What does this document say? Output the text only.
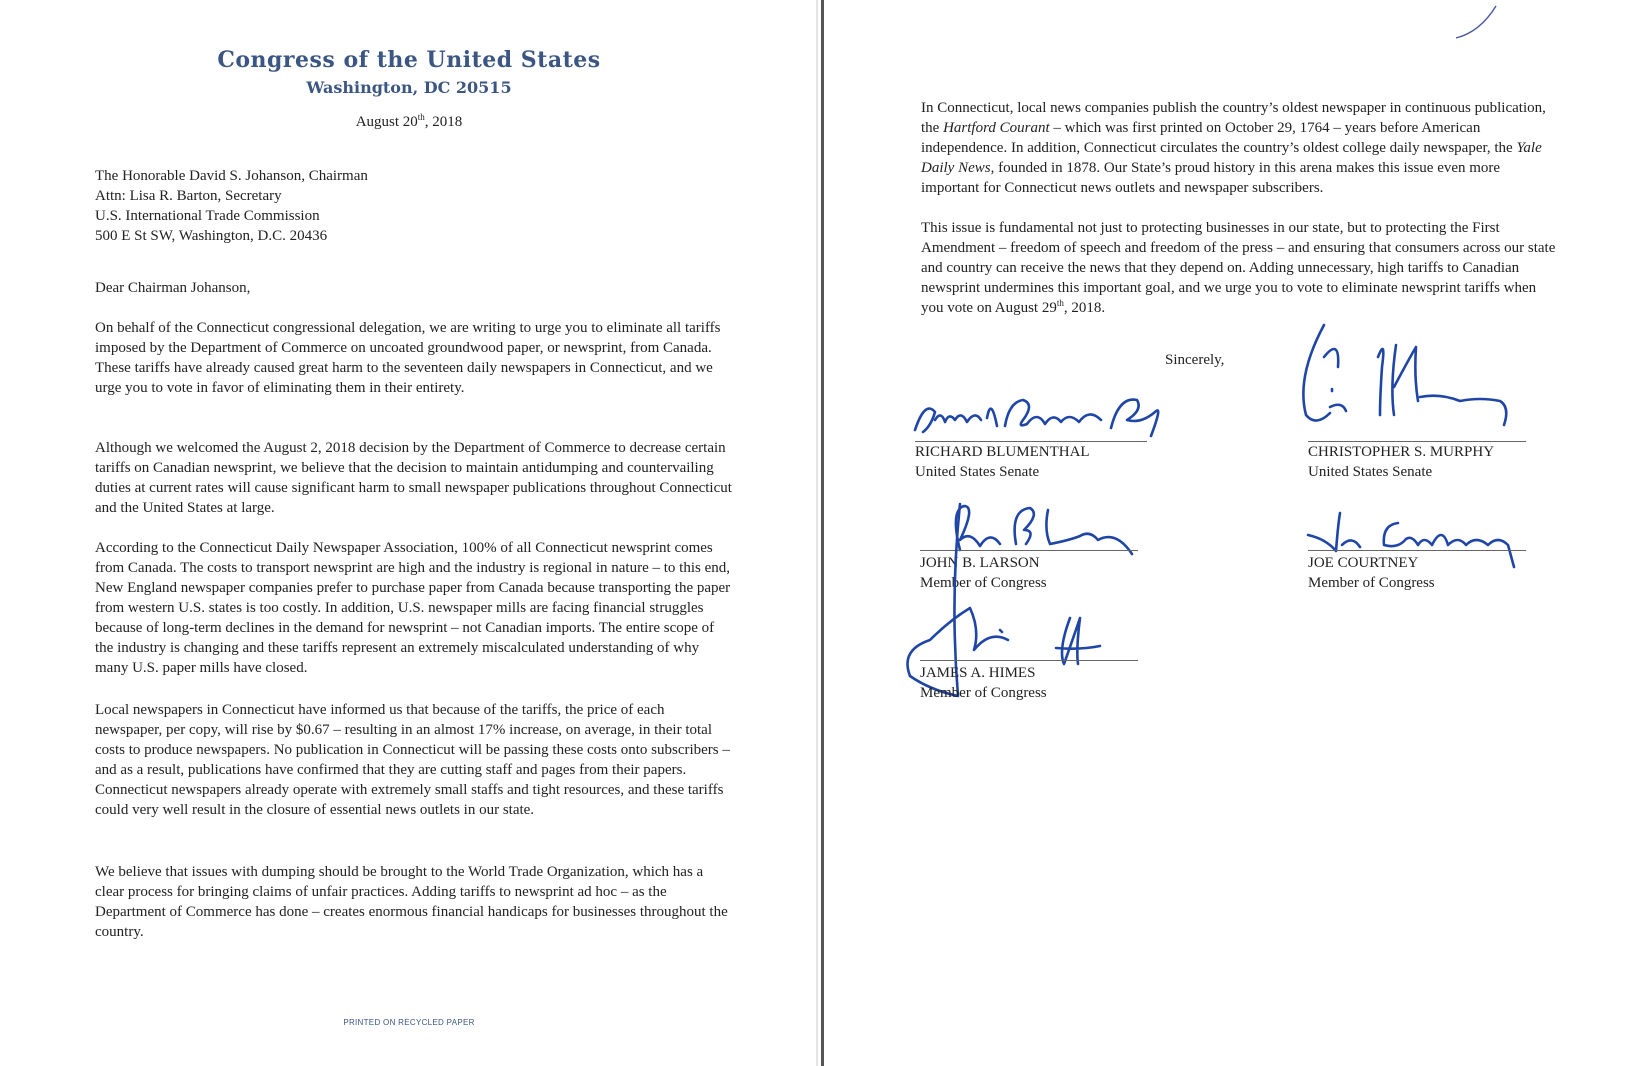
Congress of the United States
Washington, DC 20515
August 20th, 2018
The Honorable David S. Johanson, Chairman
Attn: Lisa R. Barton, Secretary
U.S. International Trade Commission
500 E St SW, Washington, D.C. 20436
Dear Chairman Johanson,

On behalf of the Connecticut congressional delegation, we are writing to urge you to eliminate all tariffs imposed by the Department of Commerce on uncoated groundwood paper, or newsprint, from Canada. These tariffs have already caused great harm to the seventeen daily newspapers in Connecticut, and we urge you to vote in favor of eliminating them in their entirety.

Although we welcomed the August 2, 2018 decision by the Department of Commerce to decrease certain tariffs on Canadian newsprint, we believe that the decision to maintain antidumping and countervailing duties at current rates will cause significant harm to small newspaper publications throughout Connecticut and the United States at large.

According to the Connecticut Daily Newspaper Association, 100% of all Connecticut newsprint comes from Canada. The costs to transport newsprint are high and the industry is regional in nature – to this end, New England newspaper companies prefer to purchase paper from Canada because transporting the paper from western U.S. states is too costly. In addition, U.S. newspaper mills are facing financial struggles because of long-term declines in the demand for newsprint – not Canadian imports. The entire scope of the industry is changing and these tariffs represent an extremely miscalculated understanding of why many U.S. paper mills have closed.

Local newspapers in Connecticut have informed us that because of the tariffs, the price of each newspaper, per copy, will rise by $0.67 – resulting in an almost 17% increase, on average, in their total costs to produce newspapers. No publication in Connecticut will be passing these costs onto subscribers – and as a result, publications have confirmed that they are cutting staff and pages from their papers. Connecticut newspapers already operate with extremely small staffs and tight resources, and these tariffs could very well result in the closure of essential news outlets in our state.

We believe that issues with dumping should be brought to the World Trade Organization, which has a clear process for bringing claims of unfair practices. Adding tariffs to newsprint ad hoc – as the Department of Commerce has done – creates enormous financial handicaps for businesses throughout the country.

PRINTED ON RECYCLED PAPER

In Connecticut, local news companies publish the country’s oldest newspaper in continuous publication, the Hartford Courant – which was first printed on October 29, 1764 – years before American independence. In addition, Connecticut circulates the country’s oldest college daily newspaper, the Yale Daily News, founded in 1878. Our State’s proud history in this arena makes this issue even more important for Connecticut news outlets and newspaper subscribers.

This issue is fundamental not just to protecting businesses in our state, but to protecting the First Amendment – freedom of speech and freedom of the press – and ensuring that consumers across our state and country can receive the news that they depend on. Adding unnecessary, high tariffs to Canadian newsprint undermines this important goal, and we urge you to vote to eliminate newsprint tariffs when you vote on August 29th, 2018.

Sincerely,
RICHARD BLUMENTHAL
United States Senate
CHRISTOPHER S. MURPHY
United States Senate
JOHN B. LARSON
Member of Congress
JOE COURTNEY
Member of Congress
JAMES A. HIMES
Member of Congress
